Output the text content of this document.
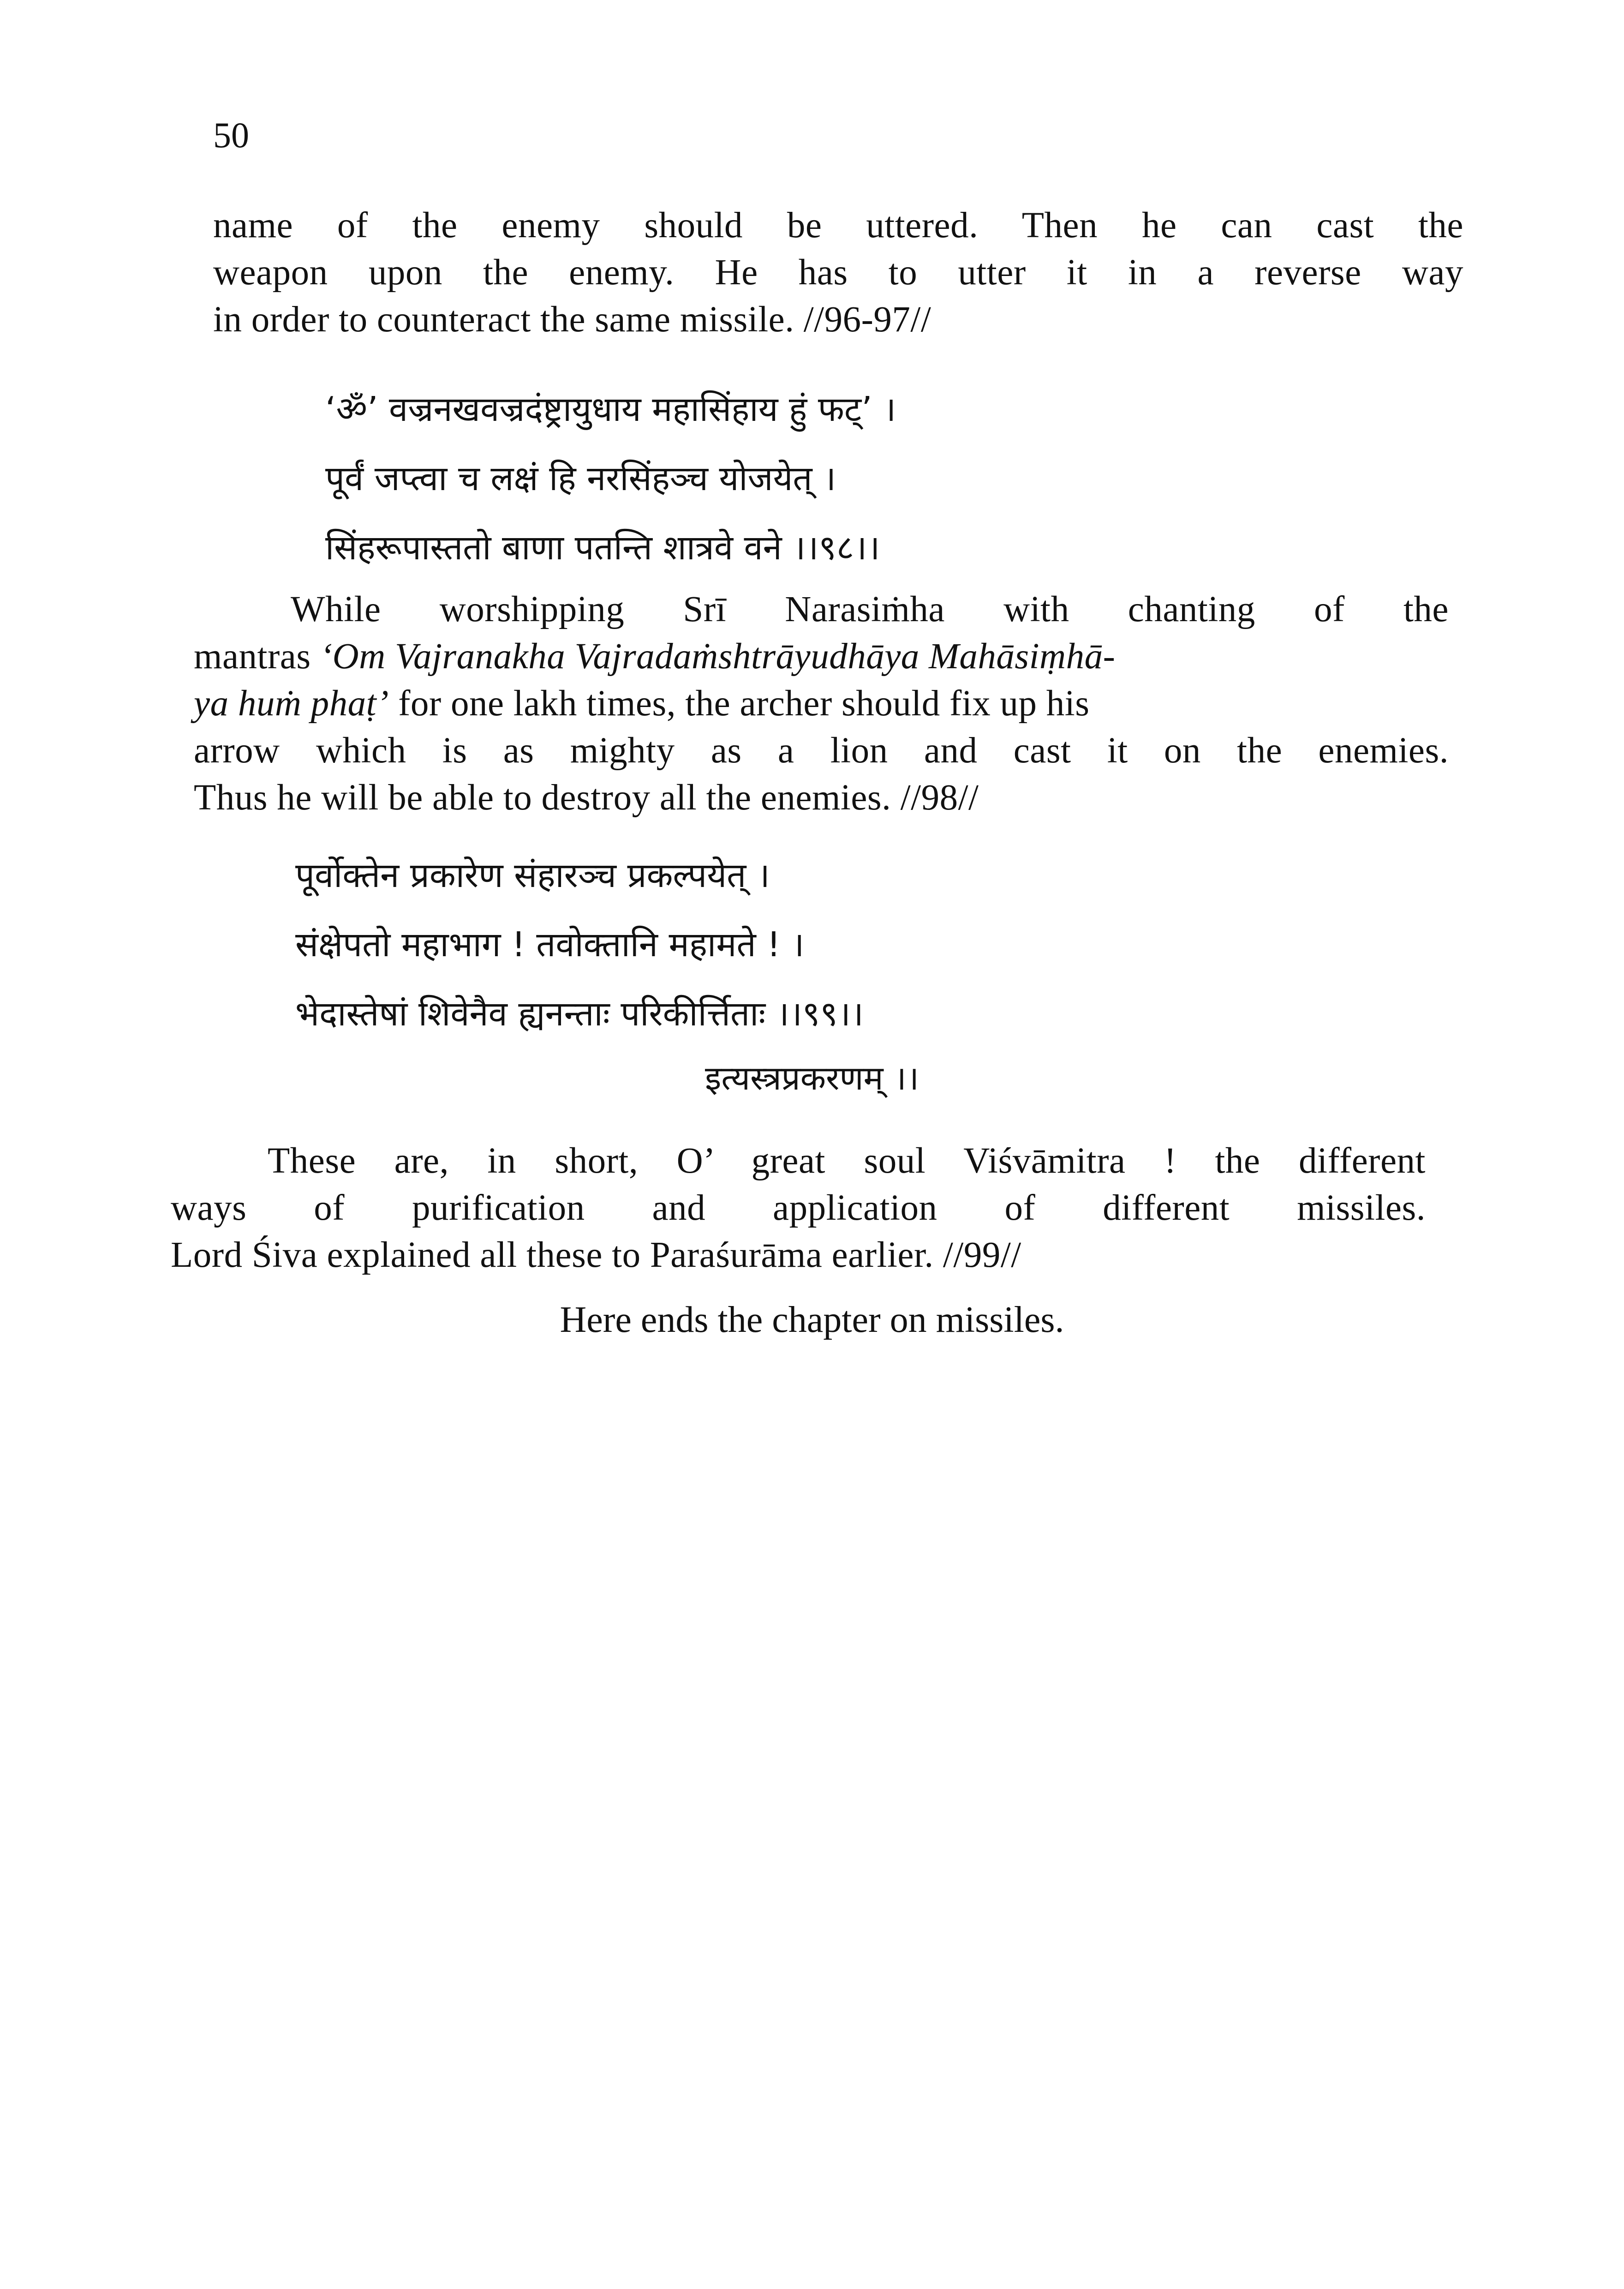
50
name of the enemy should be uttered. Then he can cast the
weapon upon the enemy. He has to utter it in a reverse way
in order to counteract the same missile. //96-97//
‘ॐ’ वज्रनखवज्रदंष्ट्रायुधाय महासिंहाय हुं फट्’ ।
पूर्वं जप्त्वा च लक्षं हि नरसिंहञ्च योजयेत् ।
सिंहरूपास्ततो बाणा पतन्ति शात्रवे वने ।।९८।।
While worshipping Srī Narasiṁha with chanting of the
mantras ‘Om Vajranakha Vajradaṁshtrāyudhāya Mahāsiṃhā-
ya huṁ phaṭ’ for one lakh times, the archer should fix up his
arrow which is as mighty as a lion and cast it on the enemies.
Thus he will be able to destroy all the enemies. //98//
पूर्वोक्तेन प्रकारेण संहारञ्च प्रकल्पयेत् ।
संक्षेपतो महाभाग ! तवोक्तानि महामते ! ।
भेदास्तेषां शिवेनैव ह्यनन्ताः परिकीर्त्तिताः ।।९९।।
इत्यस्त्रप्रकरणम् ।।
These are, in short, O’ great soul Viśvāmitra ! the different
ways of purification and application of different missiles.
Lord Śiva explained all these to Paraśurāma earlier. //99//
Here ends the chapter on missiles.
